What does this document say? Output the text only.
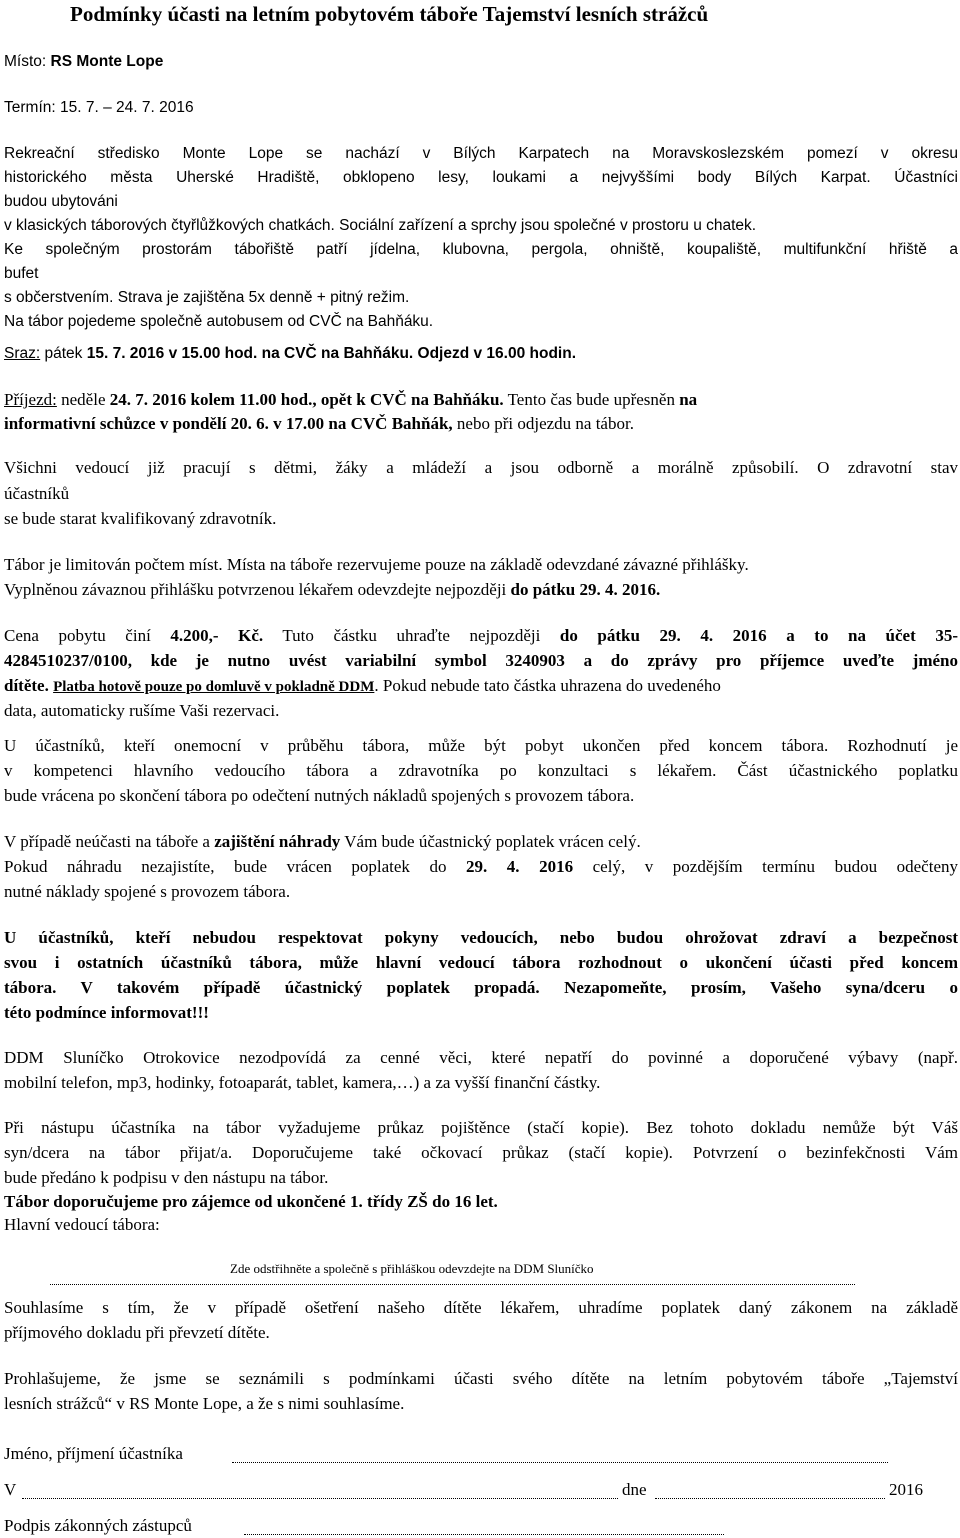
Podmínky účasti na letním pobytovém táboře Tajemství lesních strážců
Místo: RS Monte Lope
Termín: 15. 7. – 24. 7. 2016
Rekreační středisko Monte Lope se nachází v Bílých Karpatech na Moravskoslezském pomezí v okresu
historického města Uherské Hradiště, obklopeno lesy, loukami a nejvyššími body Bílých Karpat. Účastníci
budou ubytováni
v klasických táborových čtyřlůžkových chatkách. Sociální zařízení a sprchy jsou společné v prostoru u chatek.
Ke společným prostorám tábořiště patří jídelna, klubovna, pergola, ohniště, koupaliště, multifunkční hřiště a
bufet
s občerstvením. Strava je zajištěna 5x denně + pitný režim.
Na tábor pojedeme společně autobusem od CVČ na Bahňáku.
Sraz: pátek 15. 7. 2016 v 15.00 hod. na CVČ na Bahňáku. Odjezd v 16.00 hodin.
Příjezd: neděle 24. 7. 2016 kolem 11.00 hod., opět k CVČ na Bahňáku. Tento čas bude upřesněn na
informativní schůzce v pondělí 20. 6. v 17.00 na CVČ Bahňák, nebo při odjezdu na tábor.
Všichni vedoucí již pracují s dětmi, žáky a mládeží a jsou odborně a morálně způsobilí. O zdravotní stav
účastníků
se bude starat kvalifikovaný zdravotník.
Tábor je limitován počtem míst. Místa na táboře rezervujeme pouze na základě odevzdané závazné přihlášky.
Vyplněnou závaznou přihlášku potvrzenou lékařem odevzdejte nejpozději do pátku 29. 4. 2016.
Cena pobytu činí 4.200,- Kč. Tuto částku uhraďte nejpozději do pátku 29. 4. 2016 a to na účet 35-
4284510237/0100, kde je nutno uvést variabilní symbol 3240903 a do zprávy pro příjemce uveďte jméno
dítěte. Platba hotově pouze po domluvě v pokladně DDM. Pokud nebude tato částka uhrazena do uvedeného
data, automaticky rušíme Vaši rezervaci.
U účastníků, kteří onemocní v průběhu tábora, může být pobyt ukončen před koncem tábora. Rozhodnutí je
v kompetenci hlavního vedoucího tábora a zdravotníka po konzultaci s lékařem. Část účastnického poplatku
bude vrácena po skončení tábora po odečtení nutných nákladů spojených s provozem tábora.
V případě neúčasti na táboře a zajištění náhrady Vám bude účastnický poplatek vrácen celý.
Pokud náhradu nezajistíte, bude vrácen poplatek do 29. 4. 2016 celý, v pozdějším termínu budou odečteny
nutné náklady spojené s provozem tábora.
U účastníků, kteří nebudou respektovat pokyny vedoucích, nebo budou ohrožovat zdraví a bezpečnost
svou i ostatních účastníků tábora, může hlavní vedoucí tábora rozhodnout o ukončení účasti před koncem
tábora. V takovém případě účastnický poplatek propadá. Nezapomeňte, prosím, Vašeho syna/dceru o
této podmínce informovat!!!
DDM Sluníčko Otrokovice nezodpovídá za cenné věci, které nepatří do povinné a doporučené výbavy (např.
mobilní telefon, mp3, hodinky, fotoaparát, tablet, kamera,…) a za vyšší finanční částky.
Při nástupu účastníka na tábor vyžadujeme průkaz pojištěnce (stačí kopie). Bez tohoto dokladu nemůže být Váš
syn/dcera na tábor přijat/a. Doporučujeme také očkovací průkaz (stačí kopie). Potvrzení o bezinfekčnosti Vám
bude předáno k podpisu v den nástupu na tábor.
Tábor doporučujeme pro zájemce od ukončené 1. třídy ZŠ do 16 let.
Hlavní vedoucí tábora:
Zde odstřihněte a společně s přihláškou odevzdejte na DDM Sluníčko
Souhlasíme s tím, že v případě ošetření našeho dítěte lékařem, uhradíme poplatek daný zákonem na základě
příjmového dokladu při převzetí dítěte.
Prohlašujeme, že jsme se seznámili s podmínkami účasti svého dítěte na letním pobytovém táboře „Tajemství
lesních strážců“ v RS Monte Lope, a že s nimi souhlasíme.
Jméno, příjmení účastníka
V	dne	2016
Podpis zákonných zástupců
